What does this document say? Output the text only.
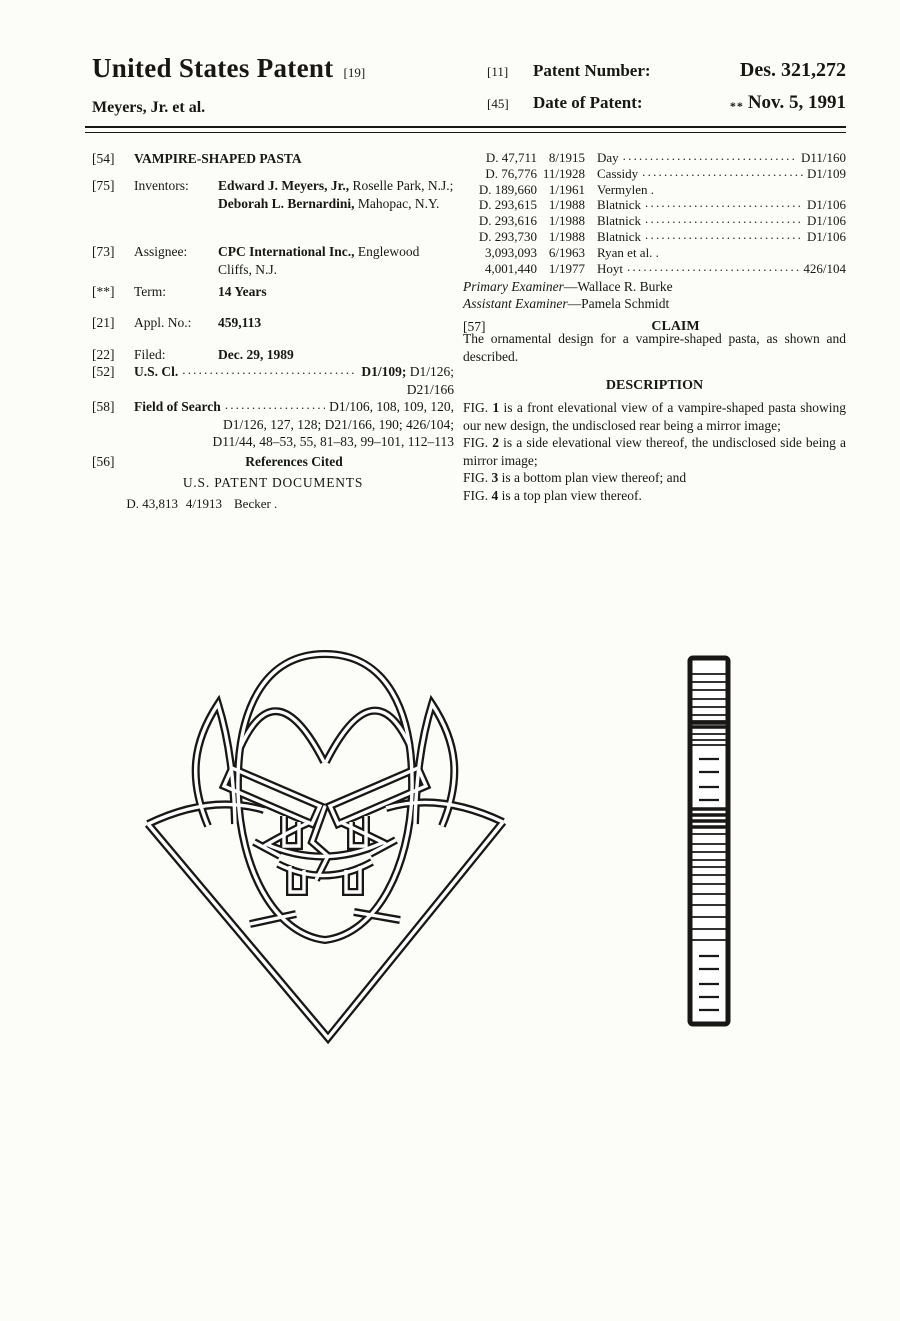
United States Patent [19]
Meyers, Jr. et al.
[11]	Patent Number:	Des. 321,272
[45]	Date of Patent:	** Nov. 5, 1991
[54]	VAMPIRE-SHAPED PASTA
[75]	Inventors:	Edward J. Meyers, Jr., Roselle Park, N.J.; Deborah L. Bernardini, Mahopac, N.Y.
[73]	Assignee:	CPC International Inc., Englewood Cliffs, N.J.
[**]	Term:	14 Years
[21]	Appl. No.:	459,113
[22]	Filed:	Dec. 29, 1989
[52]	U.S. Cl. .....	D1/109; D1/126;
D21/166
[58]	Field of Search .....	D1/106, 108, 109, 120,
D1/126, 127, 128; D21/166, 190; 426/104;
D11/44, 48–53, 55, 81–83, 99–101, 112–113
[56]	References Cited
U.S. PATENT DOCUMENTS
D. 43,813 4/1913 Becker .
D. 47,711 8/1915 Day .....	D11/160
D. 76,776 11/1928 Cassidy .....	D1/109
D. 189,660 1/1961 Vermylen .
D. 293,615 1/1988 Blatnick .....	D1/106
D. 293,616 1/1988 Blatnick .....	D1/106
D. 293,730 1/1988 Blatnick .....	D1/106
3,093,093 6/1963 Ryan et al. .
4,001,440 1/1977 Hoyt .....	426/104
Primary Examiner—Wallace R. Burke
Assistant Examiner—Pamela Schmidt
[57]	CLAIM

The ornamental design for a vampire-shaped pasta, as shown and described.

DESCRIPTION

FIG. 1 is a front elevational view of a vampire-shaped pasta showing our new design, the undisclosed rear being a mirror image;

FIG. 2 is a side elevational view thereof, the undisclosed side being a mirror image;

FIG. 3 is a bottom plan view thereof; and

FIG. 4 is a top plan view thereof.
